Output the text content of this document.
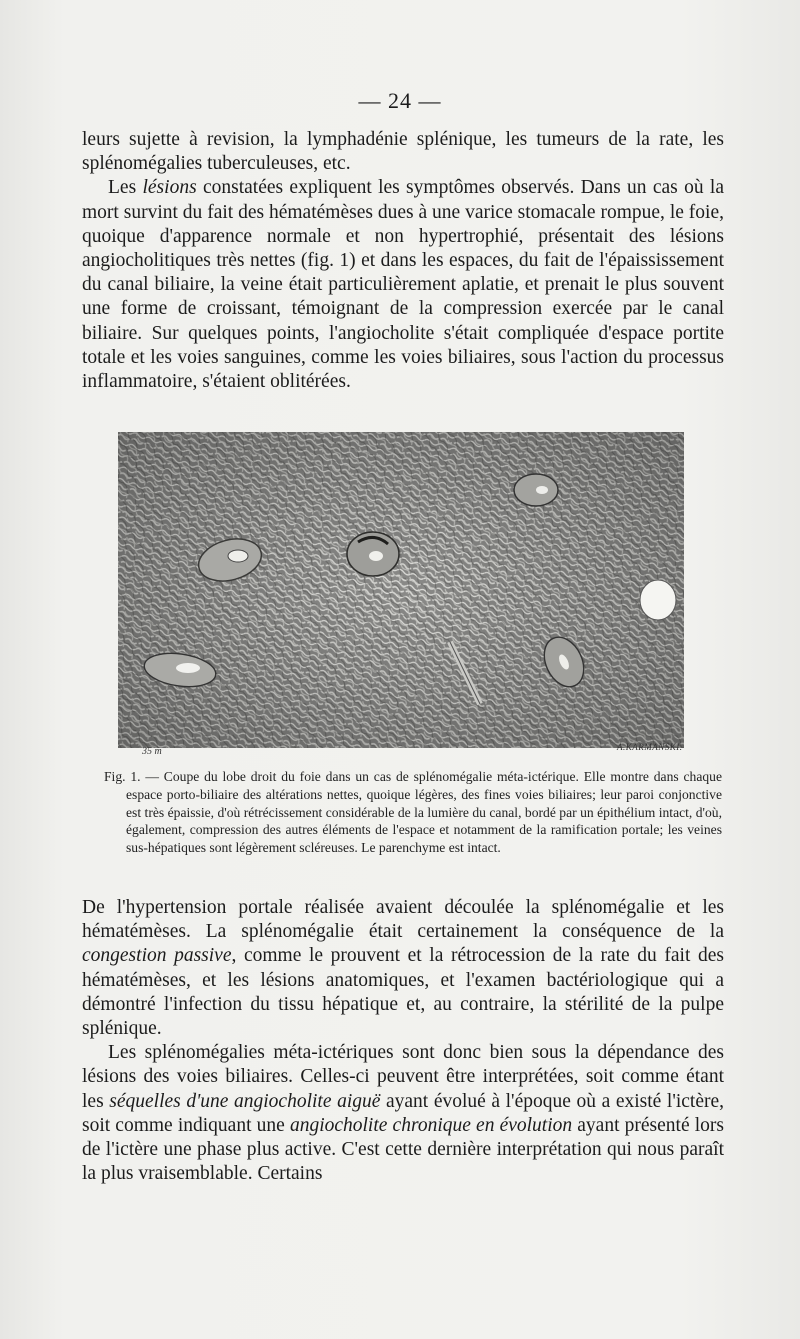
— 24 —

leurs sujette à revision, la lymphadénie splénique, les tumeurs de la rate, les splénomégalies tuberculeuses, etc.

Les lésions constatées expliquent les symptômes observés. Dans un cas où la mort survint du fait des hématémèses dues à une varice stomacale rompue, le foie, quoique d'apparence normale et non hypertrophié, présentait des lésions angiocholitiques très nettes (fig. 1) et dans les espaces, du fait de l'épaississement du canal biliaire, la veine était particulièrement aplatie, et prenait le plus souvent une forme de croissant, témoignant de la compression exercée par le canal biliaire. Sur quelques points, l'angiocholite s'était compliquée d'espace portite totale et les voies sanguines, comme les voies biliaires, sous l'action du processus inflammatoire, s'étaient oblitérées.

35 m	A.KARMANSKI.

Fig. 1. — Coupe du lobe droit du foie dans un cas de splénomégalie méta-ictérique. Elle montre dans chaque espace porto-biliaire des altérations nettes, quoique légères, des fines voies biliaires; leur paroi conjonctive est très épaissie, d'où rétrécissement considérable de la lumière du canal, bordé par un épithélium intact, d'où, également, compression des autres éléments de l'espace et notamment de la ramification portale; les veines sus-hépatiques sont légèrement scléreuses. Le parenchyme est intact.

De l'hypertension portale réalisée avaient découlée la splénomégalie et les hématémèses. La splénomégalie était certainement la conséquence de la congestion passive, comme le prouvent et la rétrocession de la rate du fait des hématémèses, et les lésions anatomiques, et l'examen bactériologique qui a démontré l'infection du tissu hépatique et, au contraire, la stérilité de la pulpe splénique.

Les splénomégalies méta-ictériques sont donc bien sous la dépendance des lésions des voies biliaires. Celles-ci peuvent être interprétées, soit comme étant les séquelles d'une angiocholite aiguë ayant évolué à l'époque où a existé l'ictère, soit comme indiquant une angiocholite chronique en évolution ayant présenté lors de l'ictère une phase plus active. C'est cette dernière interprétation qui nous paraît la plus vraisemblable. Certains
